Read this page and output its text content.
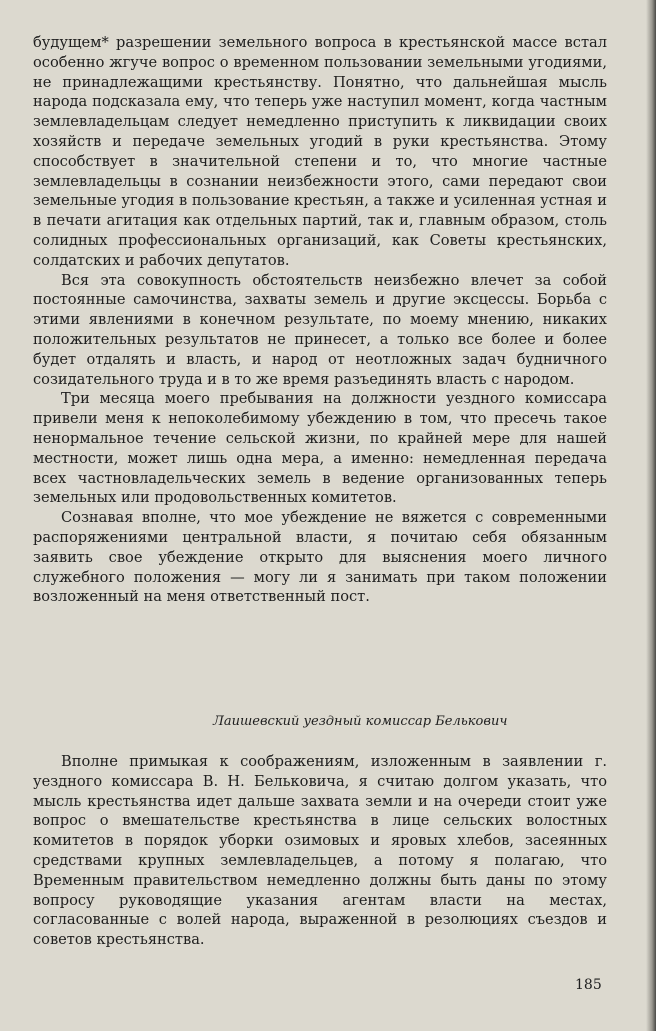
будущем* разрешении земельного вопроса в крестьянской массе встал особенно жгуче вопрос о временном пользовании земельными угодиями, не принадлежащими крестьянству. Понятно, что дальнейшая мысль народа подсказала ему, что теперь уже наступил момент, когда частным землевладельцам следует немедленно приступить к ликвидации своих хозяйств и передаче земельных угодий в руки крестьянства. Этому способствует в значительной степени и то, что многие частные землевладельцы в сознании неизбежности этого, сами передают свои земельные угодия в пользование крестьян, а также и усиленная устная и в печати агитация как отдельных партий, так и, главным образом, столь солидных профессиональных организаций, как Советы крестьянских, солдатских и рабочих депутатов.

Вся эта совокупность обстоятельств неизбежно влечет за собой постоянные самочинства, захваты земель и другие эксцессы. Борьба с этими явлениями в конечном результате, по моему мнению, никаких положительных результатов не принесет, а только все более и более будет отдалять и власть, и народ от неотложных задач будничного созидательного труда и в то же время разъединять власть с народом.

Три месяца моего пребывания на должности уездного комиссара привели меня к непоколебимому убеждению в том, что пресечь такое ненормальное течение сельской жизни, по крайней мере для нашей местности, может лишь одна мера, а именно: немедленная передача всех частновладельческих земель в ведение организованных теперь земельных или продовольственных комитетов.

Сознавая вполне, что мое убеждение не вяжется с современными распоряжениями центральной власти, я почитаю себя обязанным заявить свое убеждение открыто для выяснения моего личного служебного положения — могу ли я занимать при таком положении возложенный на меня ответственный пост.

Лаишевский уездный комиссар Белькович

Вполне примыкая к соображениям, изложенным в заявлении г. уездного комиссара В. Н. Бельковича, я считаю долгом указать, что мысль крестьянства идет дальше захвата земли и на очереди стоит уже вопрос о вмешательстве крестьянства в лице сельских волостных комитетов в порядок уборки озимовых и яровых хлебов, засеянных средствами крупных землевладельцев, а потому я полагаю, что Временным правительством немедленно должны быть даны по этому вопросу руководящие указания агентам власти на местах, согласованные с волей народа, выраженной в резолюциях съездов и советов крестьянства.

185
